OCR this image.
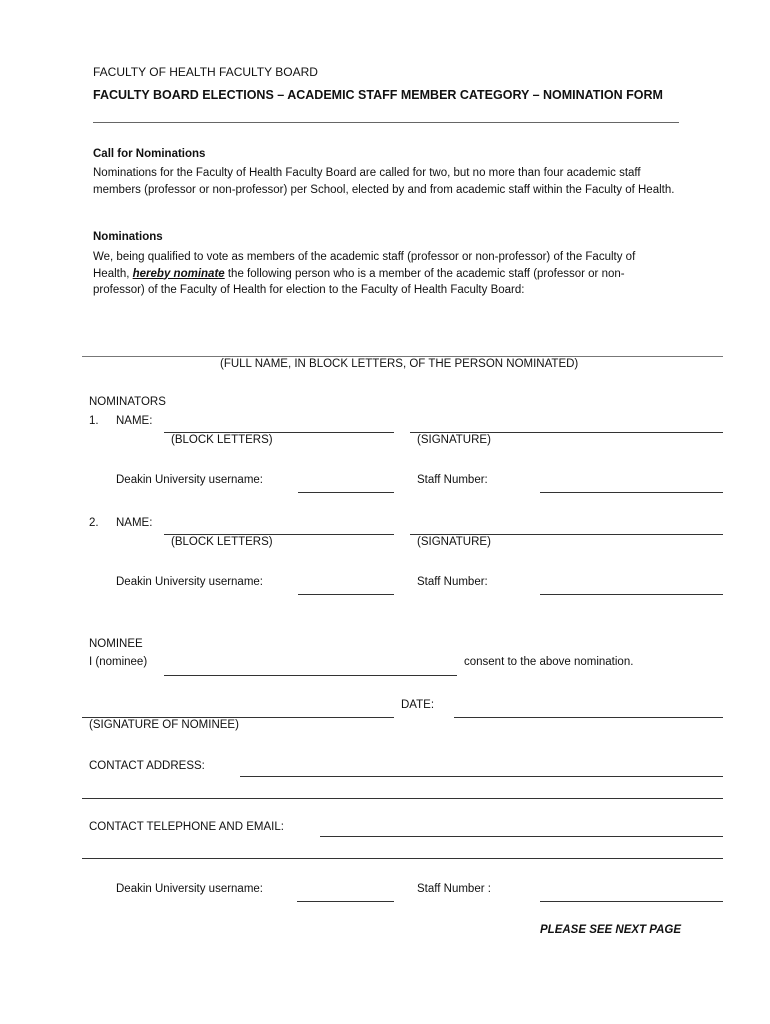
FACULTY OF HEALTH FACULTY BOARD
FACULTY BOARD ELECTIONS – ACADEMIC STAFF MEMBER CATEGORY – NOMINATION FORM
Call for Nominations
Nominations for the Faculty of Health Faculty Board are called for two, but no more than four academic staff members (professor or non-professor) per School, elected by and from academic staff within the Faculty of Health.
Nominations
We, being qualified to vote as members of the academic staff (professor or non-professor) of the Faculty of Health, hereby nominate the following person who is a member of the academic staff (professor or non-professor) of the Faculty of Health for election to the Faculty of Health Faculty Board:
(FULL NAME, IN BLOCK LETTERS, OF THE PERSON NOMINATED)
NOMINATORS
1. NAME:
(BLOCK LETTERS)	(SIGNATURE)
Deakin University username:	Staff Number:
2. NAME:
(BLOCK LETTERS)	(SIGNATURE)
Deakin University username:	Staff Number:
NOMINEE
I (nominee)	consent to the above nomination.
DATE:
(SIGNATURE OF NOMINEE)
CONTACT ADDRESS:
CONTACT TELEPHONE AND EMAIL:
Deakin University username:	Staff Number :
PLEASE SEE NEXT PAGE
